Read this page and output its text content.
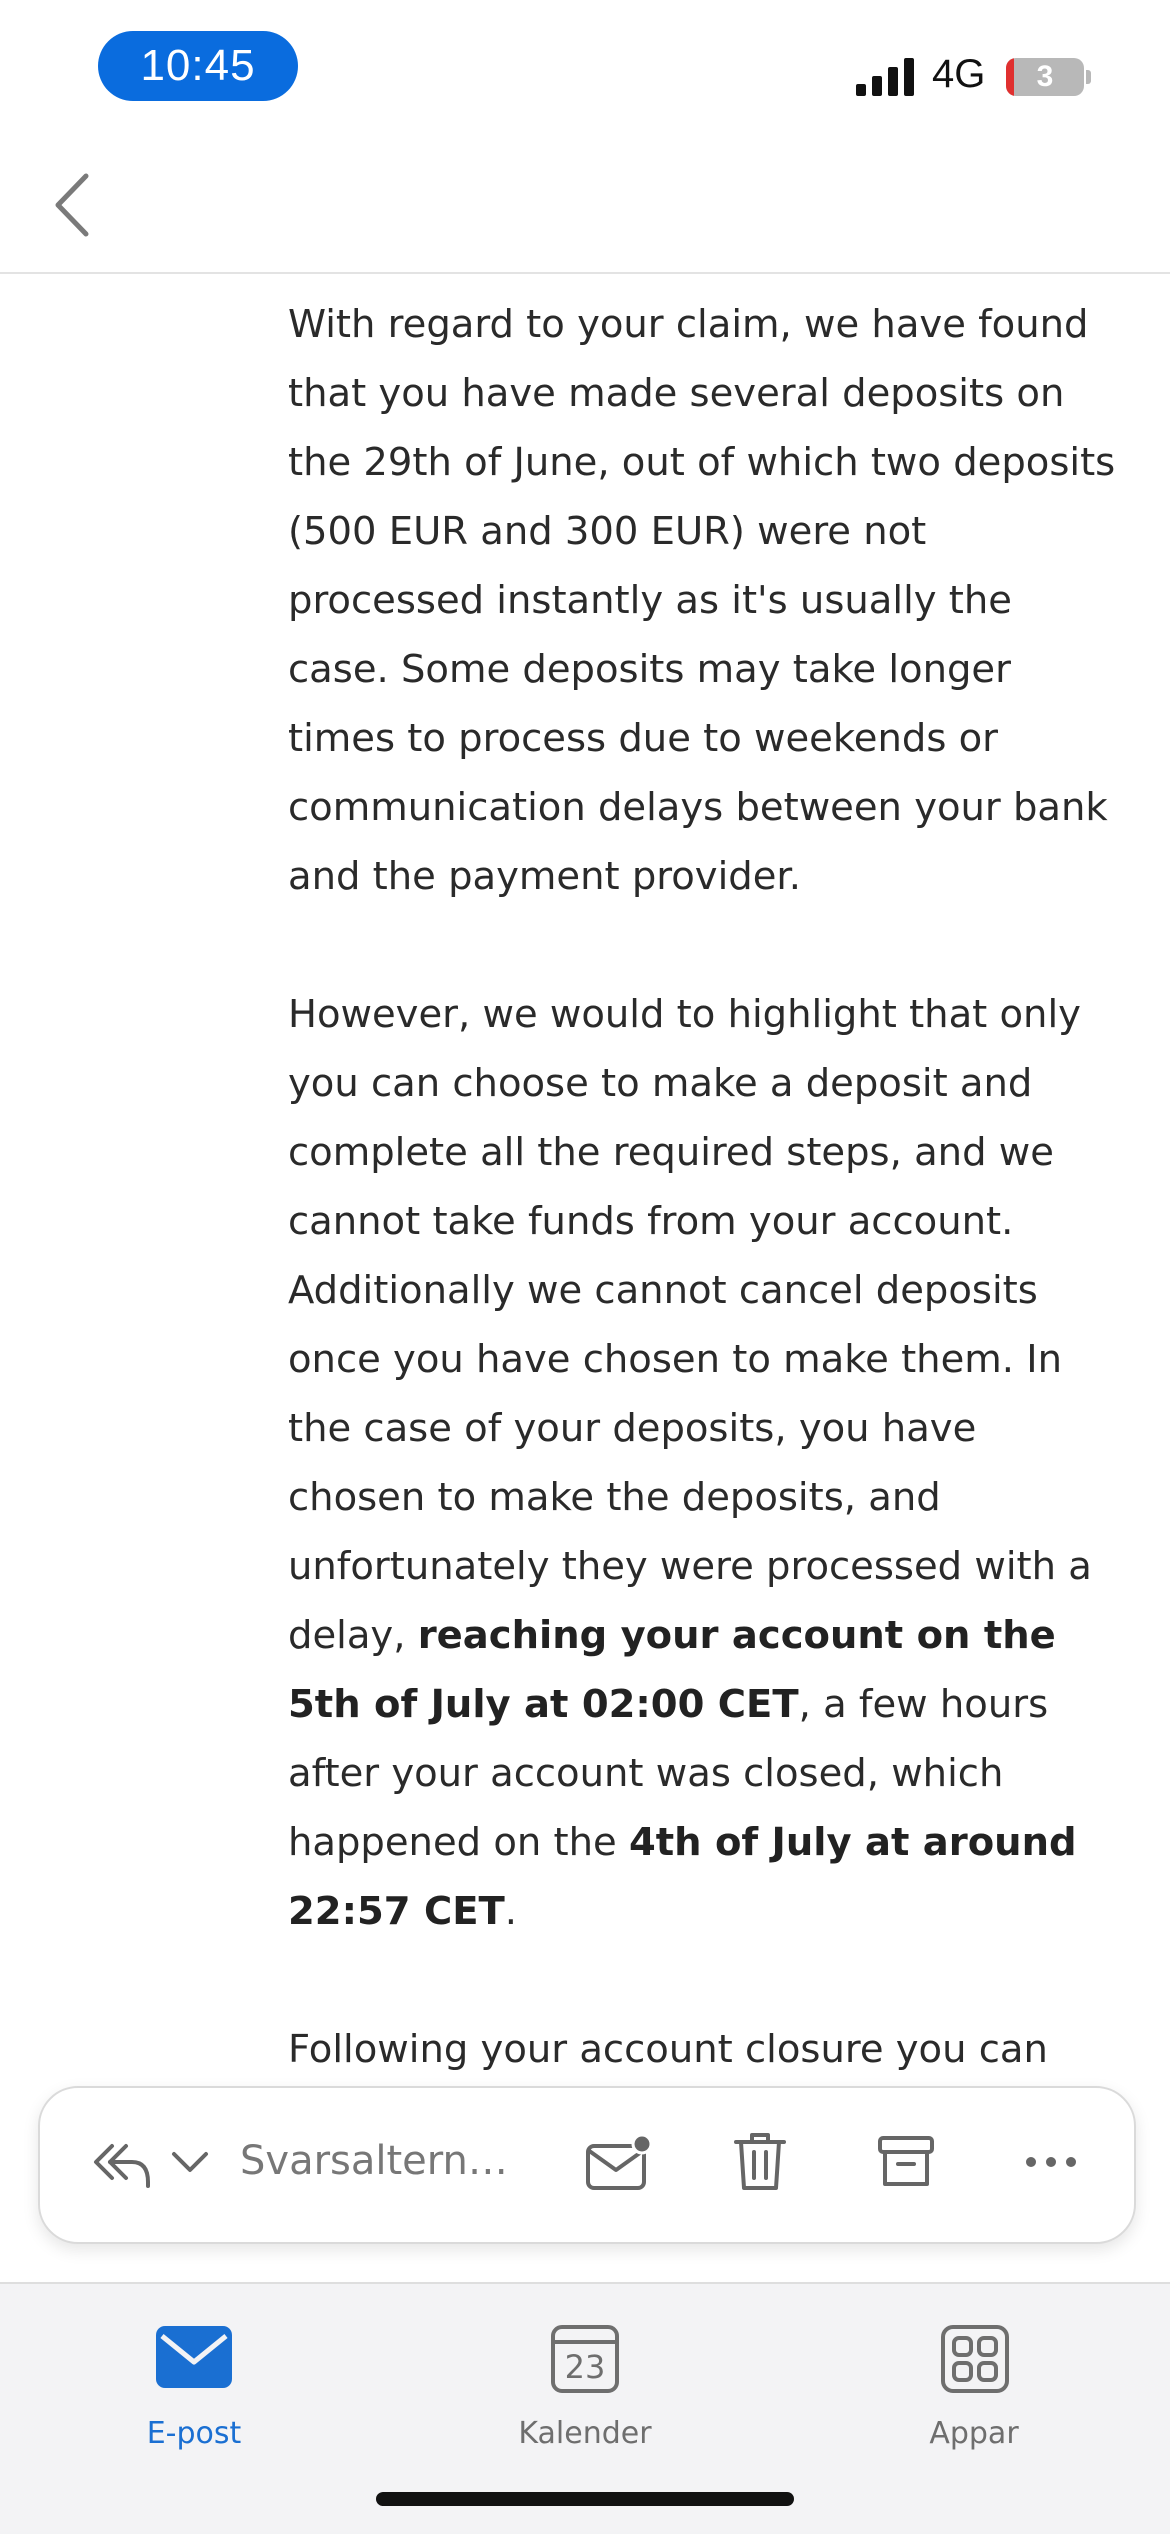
10:45	4G 3

With regard to your claim, we have found that you have made several deposits on the 29th of June, out of which two deposits (500 EUR and 300 EUR) were not processed instantly as it's usually the case. Some deposits may take longer times to process due to weekends or communication delays between your bank and the payment provider.

However, we would to highlight that only you can choose to make a deposit and complete all the required steps, and we cannot take funds from your account. Additionally we cannot cancel deposits once you have chosen to make them. In the case of your deposits, you have chosen to make the deposits, and unfortunately they were processed with a delay, reaching your account on the 5th of July at 02:00 CET, a few hours after your account was closed, which happened on the 4th of July at around 22:57 CET.

Following your account closure you can

Svarsaltern…
E-post
23
Kalender	Appar
